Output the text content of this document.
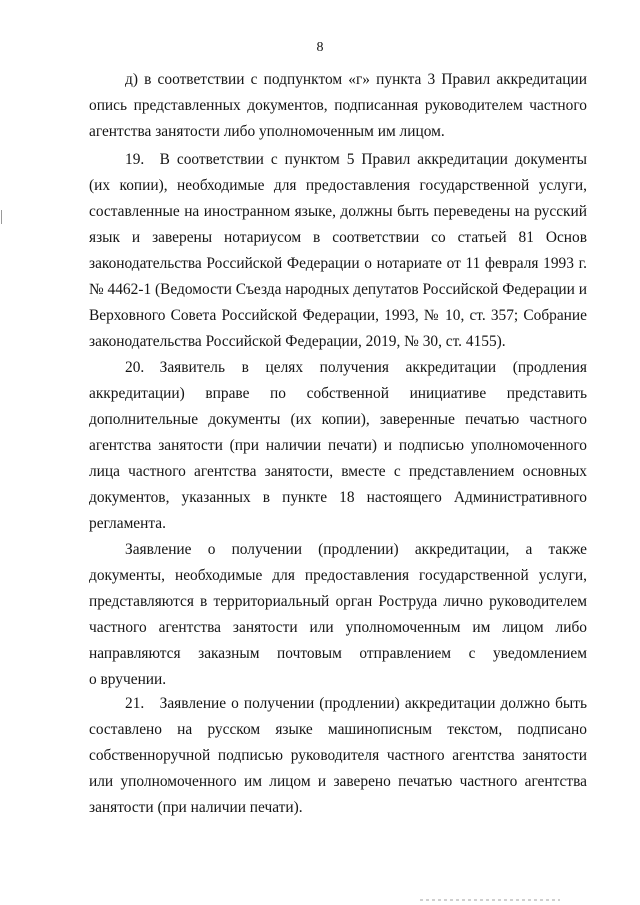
8
д) в соответствии с подпунктом «г» пункта 3 Правил аккредитации
опись представленных документов, подписанная руководителем частного
агентства занятости либо уполномоченным им лицом.
19. В соответствии с пунктом 5 Правил аккредитации документы
(их копии), необходимые для предоставления государственной услуги,
составленные на иностранном языке, должны быть переведены на русский
язык и заверены нотариусом в соответствии со статьей 81 Основ
законодательства Российской Федерации о нотариате от 11 февраля 1993 г.
№ 4462-1 (Ведомости Съезда народных депутатов Российской Федерации и
Верховного Совета Российской Федерации, 1993, № 10, ст. 357; Собрание
законодательства Российской Федерации, 2019, № 30, ст. 4155).
20. Заявитель в целях получения аккредитации (продления
аккредитации) вправе по собственной инициативе представить
дополнительные документы (их копии), заверенные печатью частного
агентства занятости (при наличии печати) и подписью уполномоченного
лица частного агентства занятости, вместе с представлением основных
документов, указанных в пункте 18 настоящего Административного
регламента.
Заявление о получении (продлении) аккредитации, а также
документы, необходимые для предоставления государственной услуги,
представляются в территориальный орган Роструда лично руководителем
частного агентства занятости или уполномоченным им лицом либо
направляются заказным почтовым отправлением с уведомлением
о вручении.
21. Заявление о получении (продлении) аккредитации должно быть
составлено на русском языке машинописным текстом, подписано
собственноручной подписью руководителя частного агентства занятости
или уполномоченного им лицом и заверено печатью частного агентства
занятости (при наличии печати).
